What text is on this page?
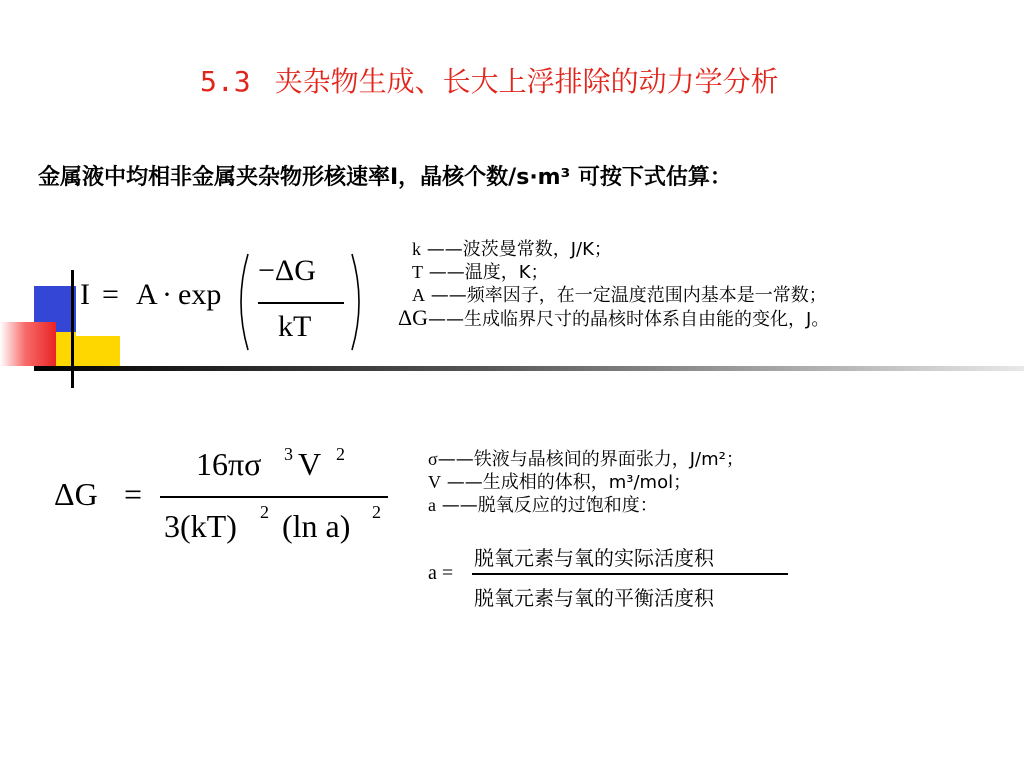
5.3 夹杂物生成、长大上浮排除的动力学分析
金属液中均相非金属夹杂物形核速率I，晶核个数/s·m³ 可按下式估算：
I = A · exp
−ΔG
kT
k ——波茨曼常数，J/K；
T ——温度，K；
A ——频率因子，在一定温度范围内基本是一常数；
ΔG——生成临界尺寸的晶核时体系自由能的变化，J。
ΔG =
16πσ 3 V 2
3(kT) 2 (ln a) 2
σ——铁液与晶核间的界面张力，J/m²；
V ——生成相的体积，m³/mol；
a ——脱氧反应的过饱和度：
a =
脱氧元素与氧的实际活度积
脱氧元素与氧的平衡活度积
